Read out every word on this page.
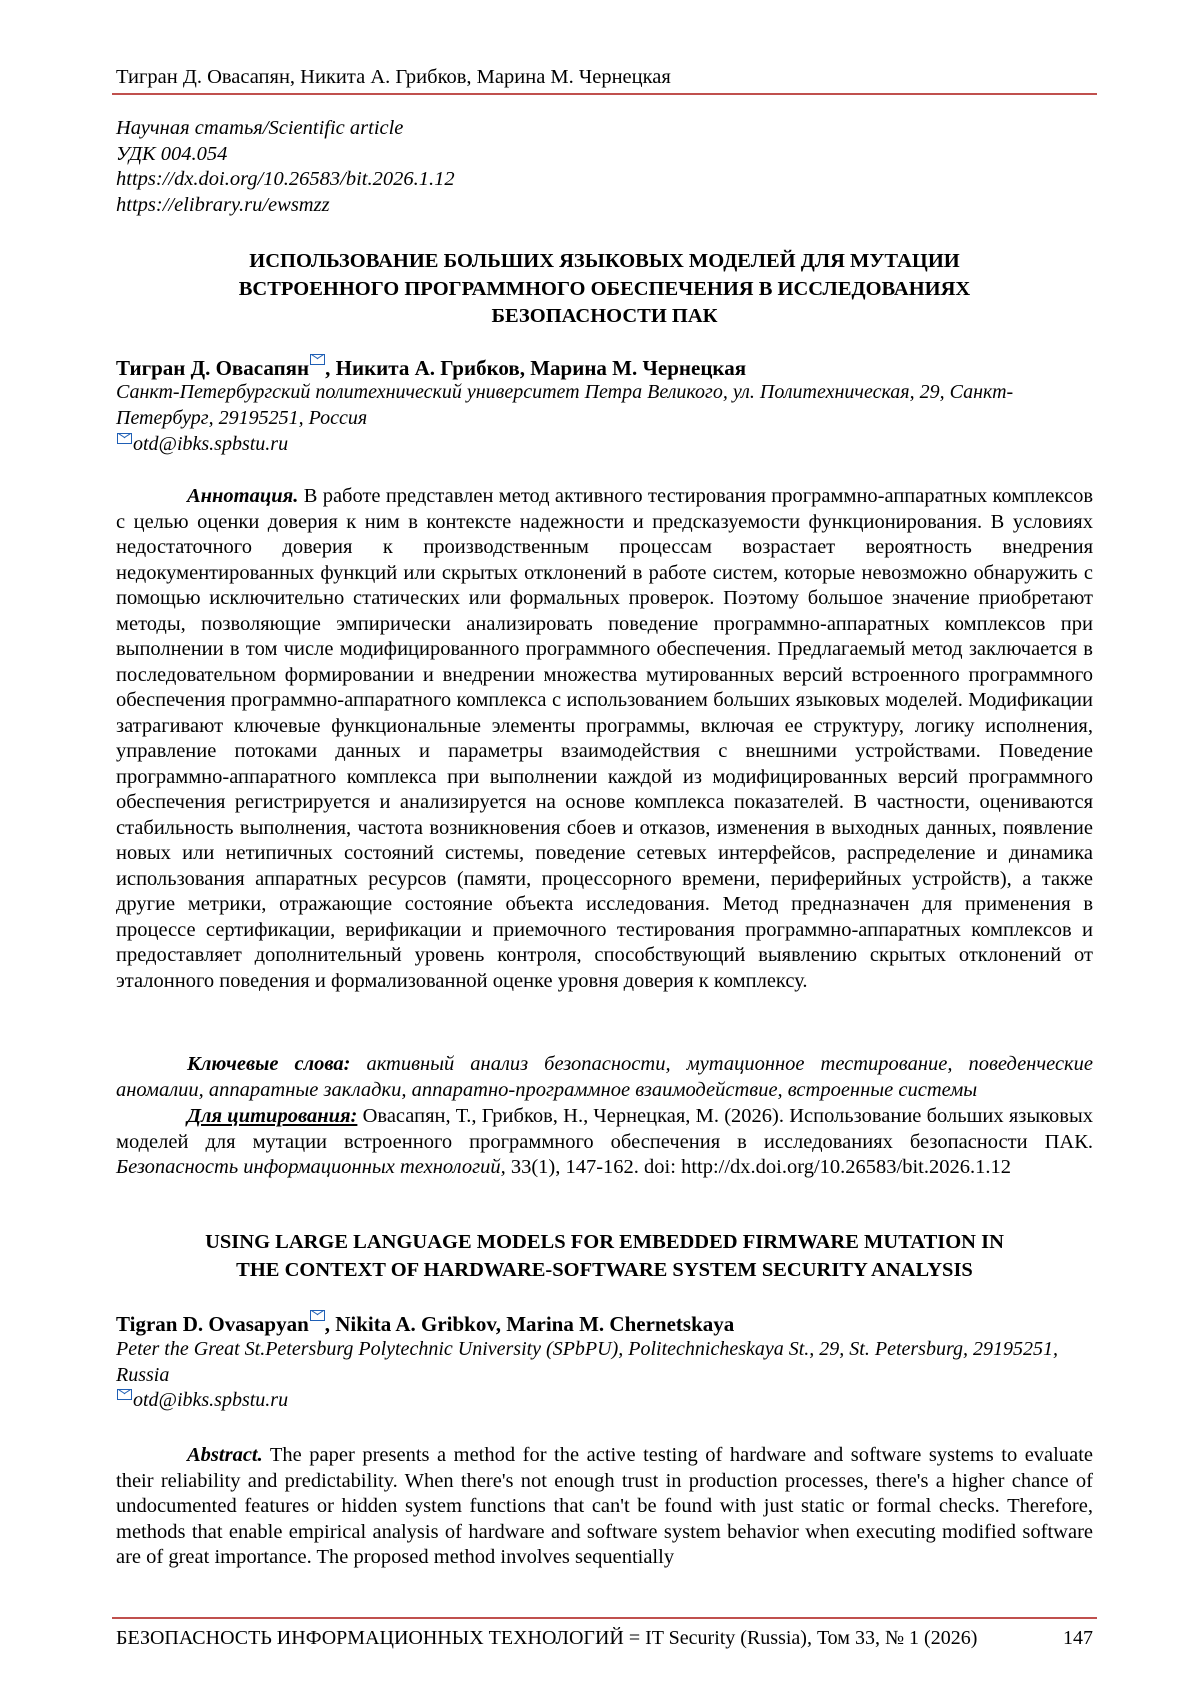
Тигран Д. Овасапян, Никита А. Грибков, Марина М. Чернецкая
Научная статья/Scientific article
УДК 004.054
https://dx.doi.org/10.26583/bit.2026.1.12
https://elibrary.ru/ewsmzz
ИСПОЛЬЗОВАНИЕ БОЛЬШИХ ЯЗЫКОВЫХ МОДЕЛЕЙ ДЛЯ МУТАЦИИ
ВСТРОЕННОГО ПРОГРАММНОГО ОБЕСПЕЧЕНИЯ В ИССЛЕДОВАНИЯХ
БЕЗОПАСНОСТИ ПАК
Тигран Д. Овасапян , Никита А. Грибков, Марина М. Чернецкая
Санкт-Петербургский политехнический университет Петра Великого, ул. Политехническая, 29, Санкт-Петербург, 29195251, Россия
otd@ibks.spbstu.ru

Аннотация. В работе представлен метод активного тестирования программно-аппаратных комплексов с целью оценки доверия к ним в контексте надежности и предсказуемости функционирования. В условиях недостаточного доверия к производственным процессам возрастает вероятность внедрения недокументированных функций или скрытых отклонений в работе систем, которые невозможно обнаружить с помощью исключительно статических или формальных проверок. Поэтому большое значение приобретают методы, позволяющие эмпирически анализировать поведение программно-аппаратных комплексов при выполнении в том числе модифицированного программного обеспечения. Предлагаемый метод заключается в последовательном формировании и внедрении множества мутированных версий встроенного программного обеспечения программно-аппаратного комплекса с использованием больших языковых моделей. Модификации затрагивают ключевые функциональные элементы программы, включая ее структуру, логику исполнения, управление потоками данных и параметры взаимодействия с внешними устройствами. Поведение программно-аппаратного комплекса при выполнении каждой из модифицированных версий программного обеспечения регистрируется и анализируется на основе комплекса показателей. В частности, оцениваются стабильность выполнения, частота возникновения сбоев и отказов, изменения в выходных данных, появление новых или нетипичных состояний системы, поведение сетевых интерфейсов, распределение и динамика использования аппаратных ресурсов (памяти, процессорного времени, периферийных устройств), а также другие метрики, отражающие состояние объекта исследования. Метод предназначен для применения в процессе сертификации, верификации и приемочного тестирования программно-аппаратных комплексов и предоставляет дополнительный уровень контроля, способствующий выявлению скрытых отклонений от эталонного поведения и формализованной оценке уровня доверия к комплексу.

Ключевые слова: активный анализ безопасности, мутационное тестирование, поведенческие аномалии, аппаратные закладки, аппаратно-программное взаимодействие, встроенные системы

Для цитирования: Овасапян, Т., Грибков, Н., Чернецкая, М. (2026). Использование больших языковых моделей для мутации встроенного программного обеспечения в исследованиях безопасности ПАК. Безопасность информационных технологий, 33(1), 147-162. doi: http://dx.doi.org/10.26583/bit.2026.1.12

USING LARGE LANGUAGE MODELS FOR EMBEDDED FIRMWARE MUTATION IN
THE CONTEXT OF HARDWARE-SOFTWARE SYSTEM SECURITY ANALYSIS
Tigran D. Ovasapyan , Nikita A. Gribkov, Marina M. Chernetskaya
Peter the Great St.Petersburg Polytechnic University (SPbPU), Politechnicheskaya St., 29, St. Petersburg, 29195251, Russia
otd@ibks.spbstu.ru

Abstract. The paper presents a method for the active testing of hardware and software systems to evaluate their reliability and predictability. When there's not enough trust in production processes, there's a higher chance of undocumented features or hidden system functions that can't be found with just static or formal checks. Therefore, methods that enable empirical analysis of hardware and software system behavior when executing modified software are of great importance. The proposed method involves sequentially

БЕЗОПАСНОСТЬ ИНФОРМАЦИОННЫХ ТЕХНОЛОГИЙ = IT Security (Russia), Том 33, № 1 (2026)	147
